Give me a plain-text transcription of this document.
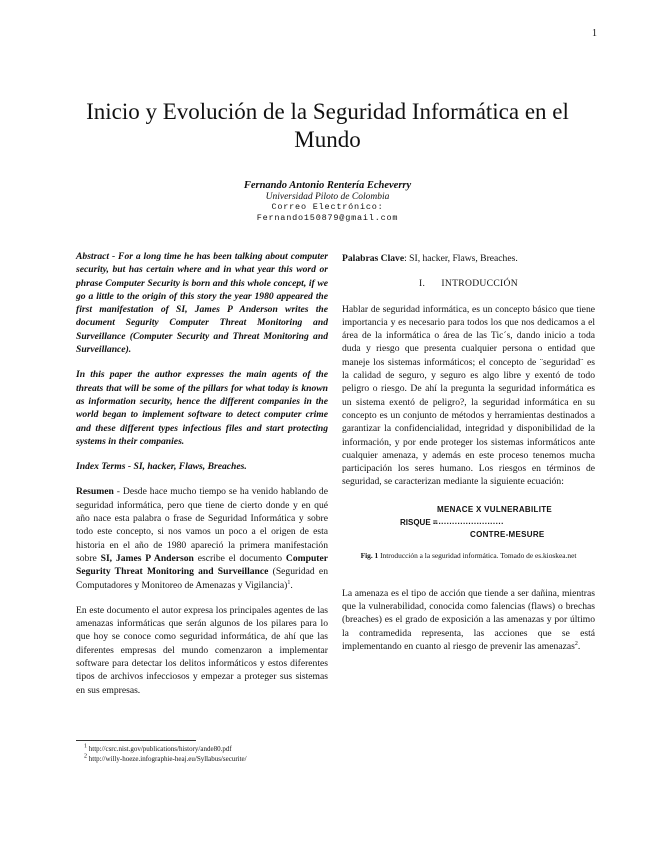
1
Inicio y Evolución de la Seguridad Informática en el Mundo
Fernando Antonio Rentería Echeverry
Universidad Piloto de Colombia
Correo Electrónico:
Fernando150879@gmail.com

Abstract - For a long time he has been talking about computer security, but has certain where and in what year this word or phrase Computer Security is born and this whole concept, if we go a little to the origin of this story the year 1980 appeared the first manifestation of SI, James P Anderson writes the document Segurity Computer Threat Monitoring and Surveillance (Computer Security and Threat Monitoring and Surveillance).

In this paper the author expresses the main agents of the threats that will be some of the pillars for what today is known as information security, hence the different companies in the world began to implement software to detect computer crime and these different types infectious files and start protecting systems in their companies.

Index Terms - SI, hacker, Flaws, Breaches.

Resumen - Desde hace mucho tiempo se ha venido hablando de seguridad informática, pero que tiene de cierto donde y en qué año nace esta palabra o frase de Seguridad Informática y sobre todo este concepto, si nos vamos un poco a el origen de esta historia en el año de 1980 apareció la primera manifestación sobre SI, James P Anderson escribe el documento Computer Segurity Threat Monitoring and Surveillance (Seguridad en Computadores y Monitoreo de Amenazas y Vigilancia)$^1$.

En este documento el autor expresa los principales agentes de las amenazas informáticas que serán algunos de los pilares para lo que hoy se conoce como seguridad informática, de ahí que las diferentes empresas del mundo comenzaron a implementar software para detectar los delitos informáticos y estos diferentes tipos de archivos infecciosos y empezar a proteger sus sistemas en sus empresas.

$^1$ http://csrc.nist.gov/publications/history/ande80.pdf
$^2$ http://willy-hoeze.infographie-heaj.eu/Syllabus/securite/

Palabras Clave: SI, hacker, Flaws, Breaches.

I. INTRODUCCIÓN

Hablar de seguridad informática, es un concepto básico que tiene importancia y es necesario para todos los que nos dedicamos a el área de la informática o área de las Tic´s, dando inicio a toda duda y riesgo que presenta cualquier persona o entidad que maneje los sistemas informáticos; el concepto de ¨seguridad¨ es la calidad de seguro, y seguro es algo libre y exentó de todo peligro o riesgo. De ahí la pregunta la seguridad informática es un sistema exentó de peligro?, la seguridad informática en su concepto es un conjunto de métodos y herramientas destinados a garantizar la confidencialidad, integridad y disponibilidad de la información, y por ende proteger los sistemas informáticos ante cualquier amenaza, y además en este proceso tenemos mucha participación los seres humano. Los riesgos en términos de seguridad, se caracterizan mediante la siguiente ecuación:

MENACE X VULNERABILITE
RISQUE =
..........................
CONTRE-MESURE
Fig. 1 Introducción a la seguridad informática. Tomado de es.kioskea.net

La amenaza es el tipo de acción que tiende a ser dañina, mientras que la vulnerabilidad, conocida como falencias (flaws) o brechas (breaches) es el grado de exposición a las amenazas y por último la contramedida representa, las acciones que se está implementando en cuanto al riesgo de prevenir las amenazas$^2$.
